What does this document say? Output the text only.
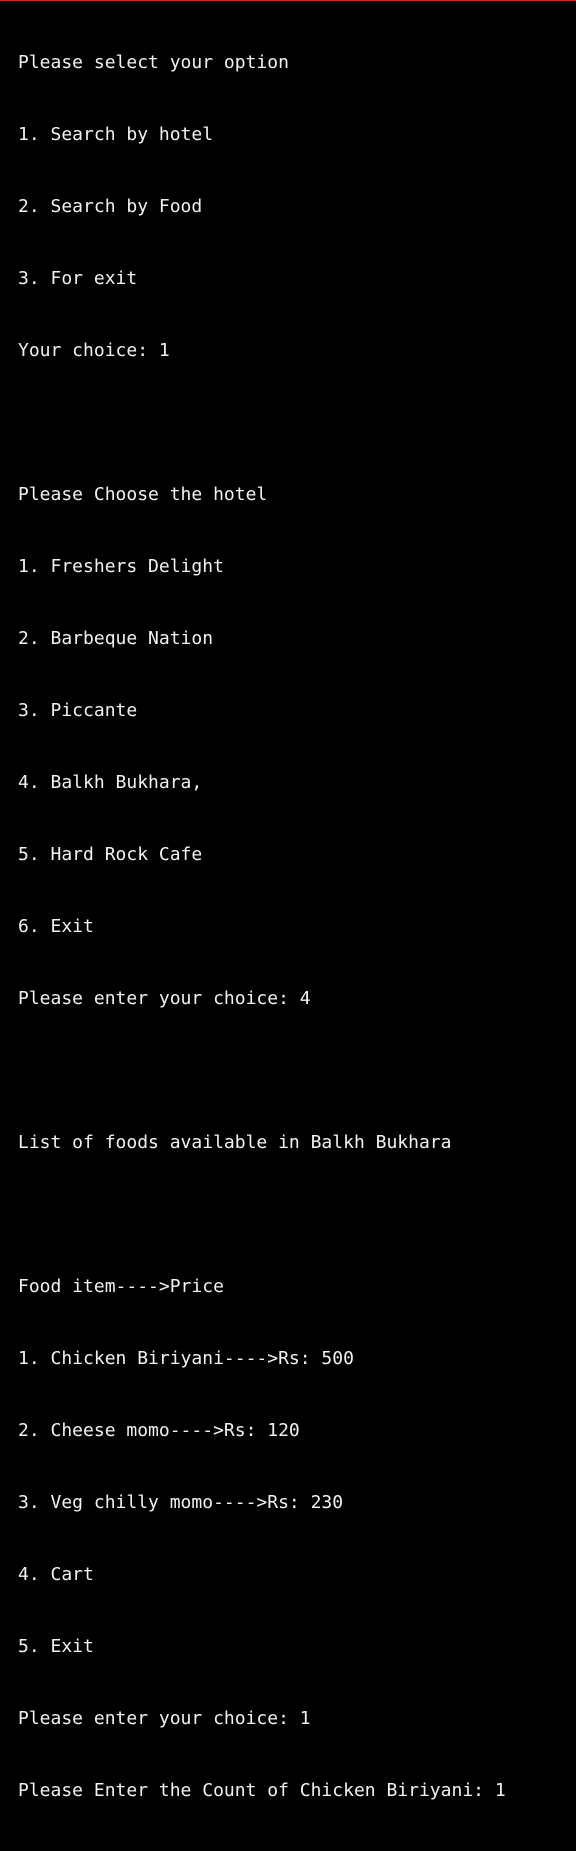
Please select your option

1. Search by hotel

2. Search by Food

3. For exit

Your choice: 1

Please Choose the hotel

1. Freshers Delight

2. Barbeque Nation

3. Piccante

4. Balkh Bukhara,

5. Hard Rock Cafe

6. Exit

Please enter your choice: 4

List of foods available in Balkh Bukhara

Food item---->Price

1. Chicken Biriyani---->Rs: 500

2. Cheese momo---->Rs: 120

3. Veg chilly momo---->Rs: 230

4. Cart

5. Exit

Please enter your choice: 1

Please Enter the Count of Chicken Biriyani: 1
